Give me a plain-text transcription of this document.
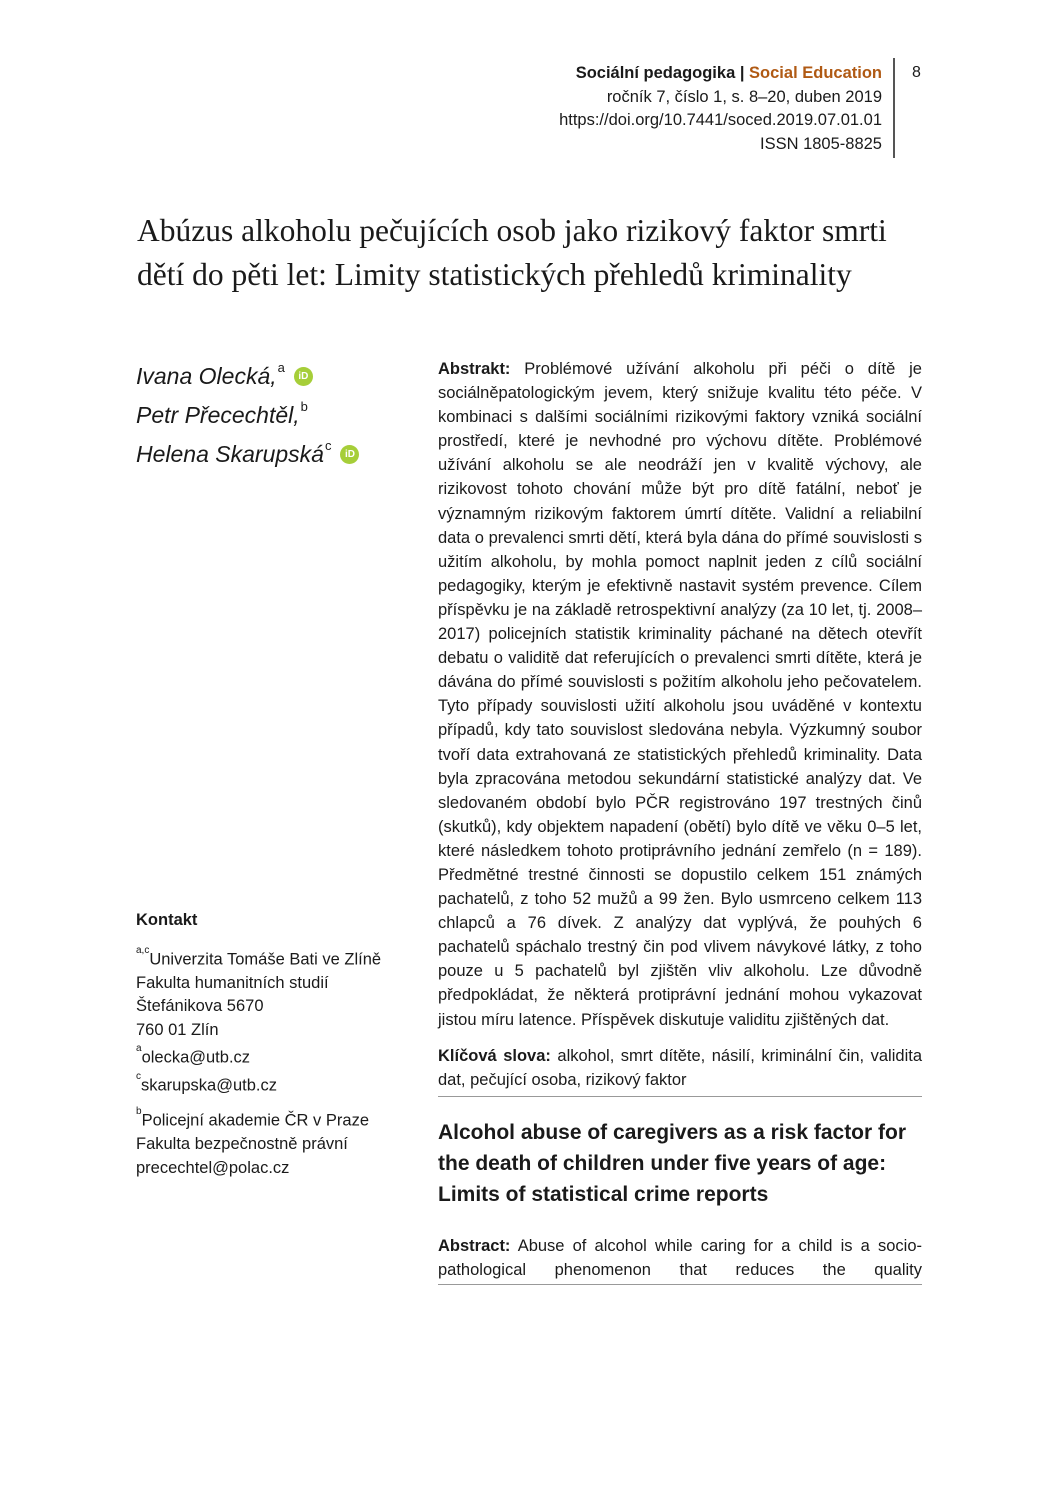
Sociální pedagogika | Social Education
ročník 7, číslo 1, s. 8–20, duben 2019
https://doi.org/10.7441/soced.2019.07.01.01
ISSN 1805-8825
8
Abúzus alkoholu pečujících osob jako rizikový faktor smrti dětí do pěti let: Limity statistických přehledů kriminality
Ivana Olecká,$^a$
iD
Petr Přecechtěl,$^b$
Helena Skarupská$^c$
iD
Kontakt
$^{a,c}$Univerzita Tomáše Bati ve Zlíně
Fakulta humanitních studií
Štefánikova 5670
760 01 Zlín
$^a$olecka@utb.cz
$^c$skarupska@utb.cz
$^b$Policejní akademie ČR v Praze
Fakulta bezpečnostně právní
precechtel@polac.cz

Abstrakt: Problémové užívání alkoholu při péči o dítě je sociálněpatologickým jevem, který snižuje kvalitu této péče. V kombinaci s dalšími sociálními rizikovými faktory vzniká sociální prostředí, které je nevhodné pro výchovu dítěte. Problémové užívání alkoholu se ale neodráží jen v kvalitě výchovy, ale rizikovost tohoto chování může být pro dítě fatální, neboť je významným rizikovým faktorem úmrtí dítěte. Validní a reliabilní data o prevalenci smrti dětí, která byla dána do přímé souvislosti s užitím alkoholu, by mohla pomoct naplnit jeden z cílů sociální pedagogiky, kterým je efektivně nastavit systém prevence. Cílem příspěvku je na základě retrospektivní analýzy (za 10 let, tj. 2008–2017) policejních statistik kriminality páchané na dětech otevřít debatu o validitě dat referujících o prevalenci smrti dítěte, která je dávána do přímé souvislosti s požitím alkoholu jeho pečovatelem. Tyto případy souvislosti užití alkoholu jsou uváděné v kontextu případů, kdy tato souvislost sledována nebyla. Výzkumný soubor tvoří data extrahovaná ze statistických přehledů kriminality. Data byla zpracována metodou sekundární statistické analýzy dat. Ve sledovaném období bylo PČR registrováno 197 trestných činů (skutků), kdy objektem napadení (obětí) bylo dítě ve věku 0–5 let, které následkem tohoto protiprávního jednání zemřelo (n = 189). Předmětné trestné činnosti se dopustilo celkem 151 známých pachatelů, z toho 52 mužů a 99 žen. Bylo usmrceno celkem 113 chlapců a 76 dívek. Z analýzy dat vyplývá, že pouhých 6 pachatelů spáchalo trestný čin pod vlivem návykové látky, z toho pouze u 5 pachatelů byl zjištěn vliv alkoholu. Lze důvodně předpokládat, že některá protiprávní jednání mohou vykazovat jistou míru latence. Příspěvek diskutuje validitu zjištěných dat.

Klíčová slova: alkohol, smrt dítěte, násilí, kriminální čin, validita dat, pečující osoba, rizikový faktor

Alcohol abuse of caregivers as a risk factor for the death of children under five years of age: Limits of statistical crime reports

Abstract: Abuse of alcohol while caring for a child is a socio-pathological phenomenon that reduces the quality
